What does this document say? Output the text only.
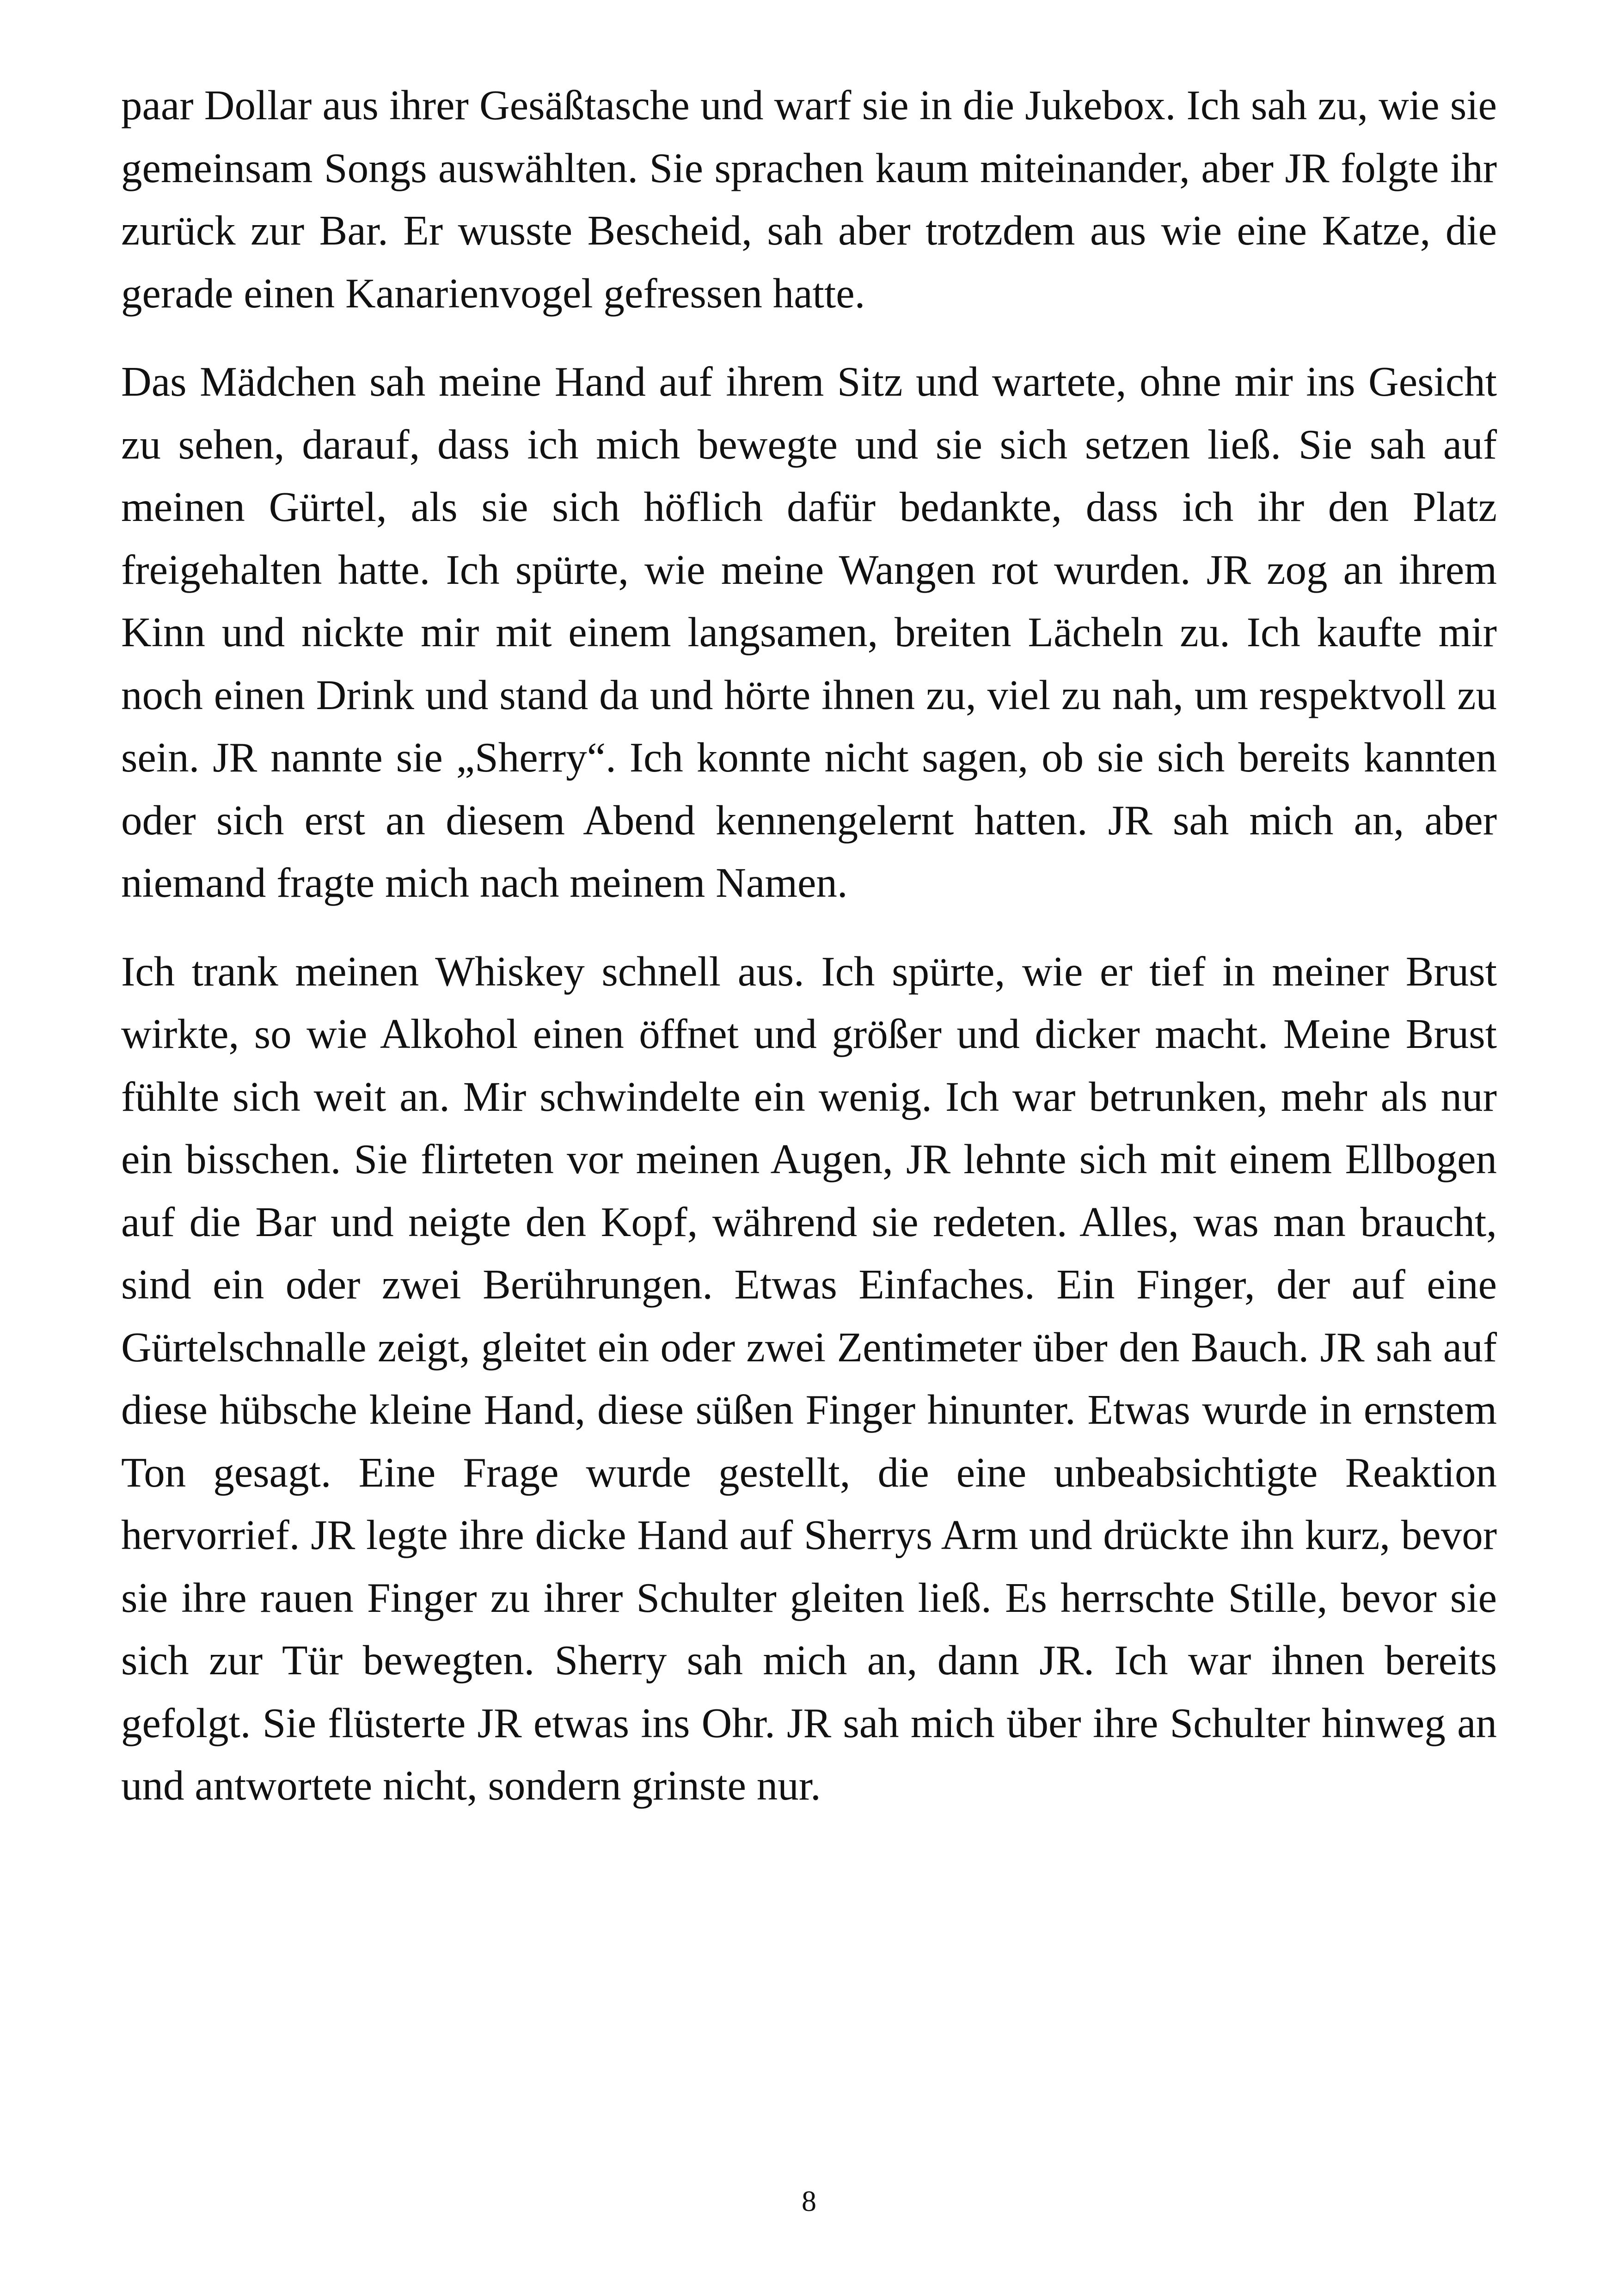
paar Dollar aus ihrer Gesäßtasche und warf sie in die Jukebox. Ich sah zu, wie sie gemeinsam Songs auswählten. Sie sprachen kaum miteinander, aber JR folgte ihr zurück zur Bar. Er wusste Bescheid, sah aber trotzdem aus wie eine Katze, die gerade einen Kanarienvogel gefressen hatte.

Das Mädchen sah meine Hand auf ihrem Sitz und wartete, ohne mir ins Gesicht zu sehen, darauf, dass ich mich bewegte und sie sich setzen ließ. Sie sah auf meinen Gürtel, als sie sich höflich dafür bedankte, dass ich ihr den Platz freigehalten hatte. Ich spürte, wie meine Wangen rot wurden. JR zog an ihrem Kinn und nickte mir mit einem langsamen, breiten Lächeln zu. Ich kaufte mir noch einen Drink und stand da und hörte ihnen zu, viel zu nah, um respektvoll zu sein. JR nannte sie „Sherry“. Ich konnte nicht sagen, ob sie sich bereits kannten oder sich erst an diesem Abend kennengelernt hatten. JR sah mich an, aber niemand fragte mich nach meinem Namen.

Ich trank meinen Whiskey schnell aus. Ich spürte, wie er tief in meiner Brust wirkte, so wie Alkohol einen öffnet und größer und dicker macht. Meine Brust fühlte sich weit an. Mir schwindelte ein wenig. Ich war betrunken, mehr als nur ein bisschen. Sie flirteten vor meinen Augen, JR lehnte sich mit einem Ellbogen auf die Bar und neigte den Kopf, während sie redeten. Alles, was man braucht, sind ein oder zwei Berührungen. Etwas Einfaches. Ein Finger, der auf eine Gürtelschnalle zeigt, gleitet ein oder zwei Zentimeter über den Bauch. JR sah auf diese hübsche kleine Hand, diese süßen Finger hinunter. Etwas wurde in ernstem Ton gesagt. Eine Frage wurde gestellt, die eine unbeabsichtigte Reaktion hervorrief. JR legte ihre dicke Hand auf Sherrys Arm und drückte ihn kurz, bevor sie ihre rauen Finger zu ihrer Schulter gleiten ließ. Es herrschte Stille, bevor sie sich zur Tür bewegten. Sherry sah mich an, dann JR. Ich war ihnen bereits gefolgt. Sie flüsterte JR etwas ins Ohr. JR sah mich über ihre Schulter hinweg an und antwortete nicht, sondern grinste nur.

8
